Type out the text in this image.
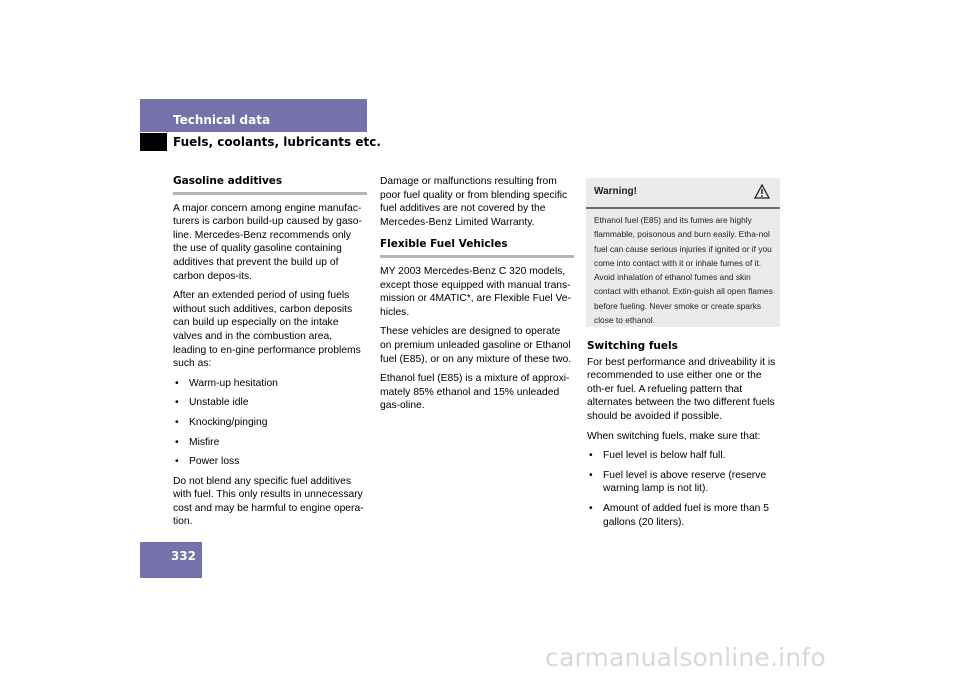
Technical data
Fuels, coolants, lubricants etc.
Gasoline additives

A major concern among engine manufac-turers is carbon build-up caused by gaso-line. Mercedes-Benz recommends only the use of quality gasoline containing additives that prevent the build up of carbon depos-its.

After an extended period of using fuels without such additives, carbon deposits can build up especially on the intake valves and in the combustion area, leading to en-gine performance problems such as:

• Warm-up hesitation
• Unstable idle
• Knocking/pinging
• Misfire
• Power loss

Do not blend any specific fuel additives with fuel. This only results in unnecessary cost and may be harmful to engine opera-tion.

Damage or malfunctions resulting from poor fuel quality or from blending specific fuel additives are not covered by the Mercedes-Benz Limited Warranty.

Flexible Fuel Vehicles

MY 2003 Mercedes-Benz C 320 models, except those equipped with manual trans-mission or 4MATIC*, are Flexible Fuel Ve-hicles.

These vehicles are designed to operate on premium unleaded gasoline or Ethanol fuel (E85), or on any mixture of these two.

Ethanol fuel (E85) is a mixture of approxi-mately 85% ethanol and 15% unleaded gas-oline.

Warning!
Ethanol fuel (E85) and its fumes are highly flammable, poisonous and burn easily. Etha-nol fuel can cause serious injuries if ignited or if you come into contact with it or inhale fumes of it. Avoid inhalation of ethanol fumes and skin contact with ethanol. Extin-guish all open flames before fueling. Never smoke or create sparks close to ethanol.
Switching fuels

For best performance and driveability it is recommended to use either one or the oth-er fuel. A refueling pattern that alternates between the two different fuels should be avoided if possible.

When switching fuels, make sure that:

• Fuel level is below half full.
• Fuel level is above reserve (reserve warning lamp is not lit).
• Amount of added fuel is more than 5 gallons (20 liters).
332
carmanualsonline.info
